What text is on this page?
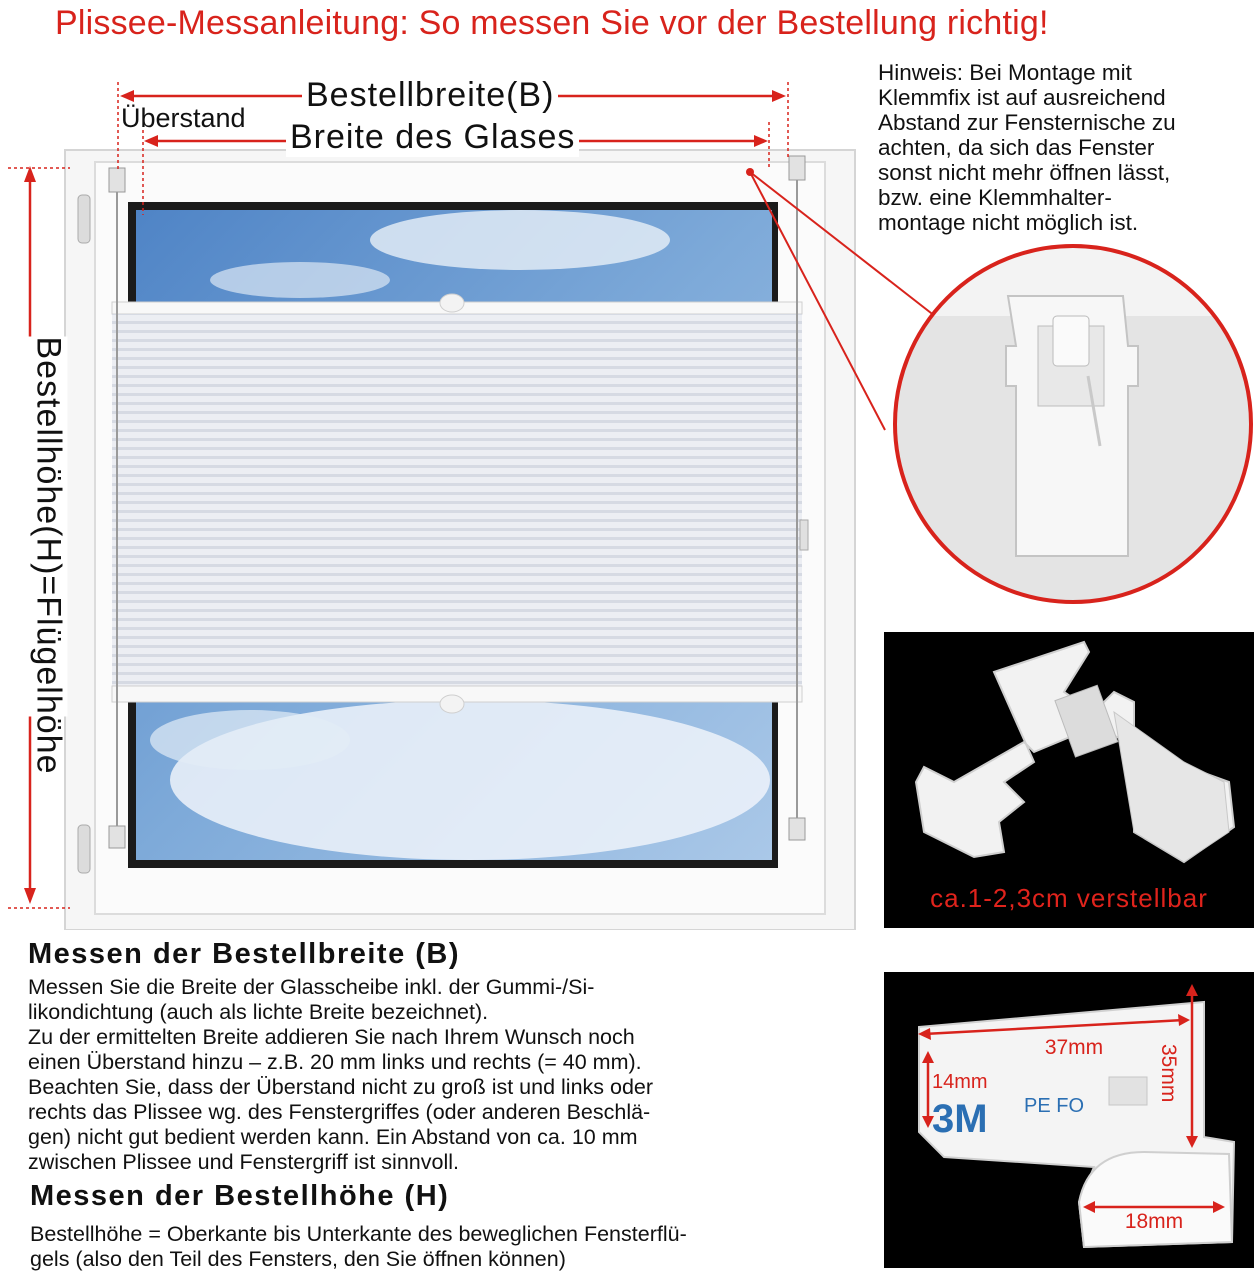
Plissee-Messanleitung: So messen Sie vor der Bestellung richtig!
Hinweis: Bei Montage mit
Klemmfix ist auf ausreichend
Abstand zur Fensternische zu
achten, da sich das Fenster
sonst nicht mehr öffnen lässt,
bzw. eine Klemmhalter-
montage nicht möglich ist.
Bestellbreite(B)
Überstand Breite des Glases
Bestellhöhe(H)=Flügelhöhe
ca.1-2,3cm verstellbar
37mm	35mm
14mm
3M PE FO
18mm
Messen der Bestellbreite (B)
Messen Sie die Breite der Glasscheibe inkl. der Gummi-/Si-
likondichtung (auch als lichte Breite bezeichnet).
Zu der ermittelten Breite addieren Sie nach Ihrem Wunsch noch
einen Überstand hinzu – z.B. 20 mm links und rechts (= 40 mm).
Beachten Sie, dass der Überstand nicht zu groß ist und links oder
rechts das Plissee wg. des Fenstergriffes (oder anderen Beschlä-
gen) nicht gut bedient werden kann. Ein Abstand von ca. 10 mm
zwischen Plissee und Fenstergriff ist sinnvoll.
Messen der Bestellhöhe (H)
Bestellhöhe = Oberkante bis Unterkante des beweglichen Fensterflü-
gels (also den Teil des Fensters, den Sie öffnen können)
